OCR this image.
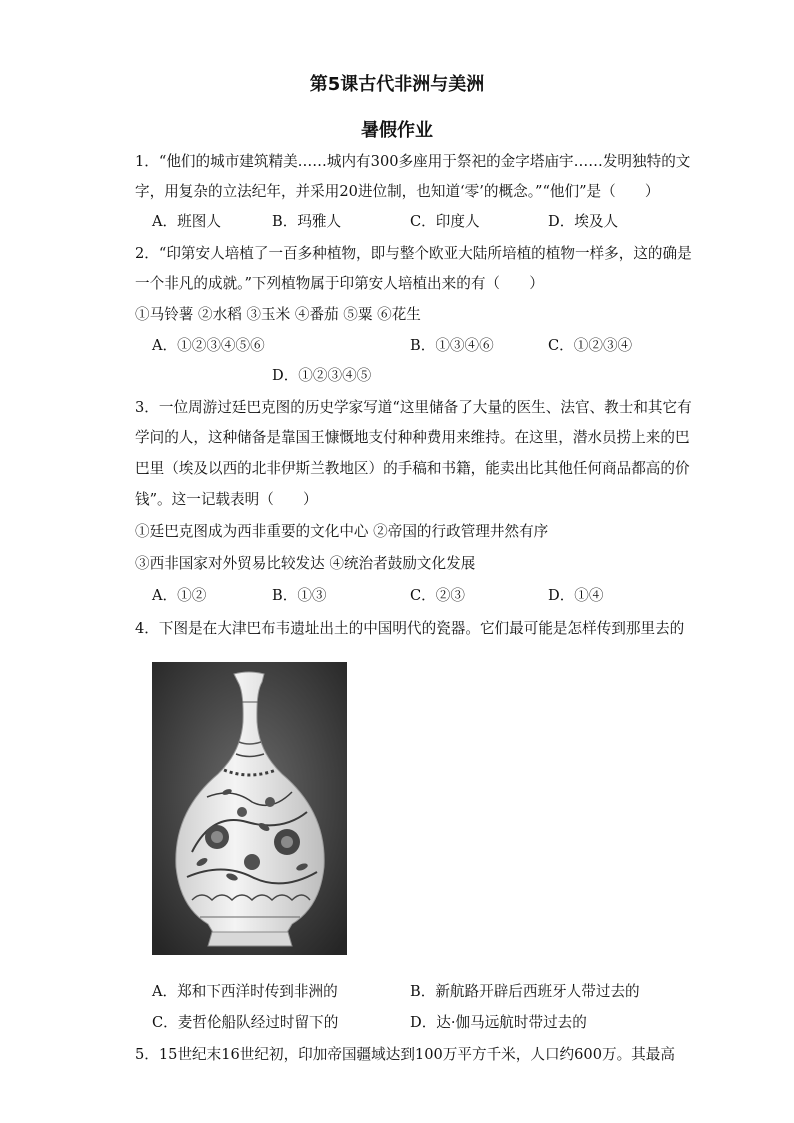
第5课古代非洲与美洲
暑假作业
1．“他们的城市建筑精美……城内有300多座用于祭祀的金字塔庙宇……发明独特的文
字，用复杂的立法纪年，并采用20进位制，也知道‘零’的概念。”“他们”是（　　）
A．班图人	B．玛雅人	C．印度人	D．埃及人
2．“印第安人培植了一百多种植物，即与整个欧亚大陆所培植的植物一样多，这的确是
一个非凡的成就。”下列植物属于印第安人培植出来的有（　　）
①马铃薯 ②水稻 ③玉米 ④番茄 ⑤粟 ⑥花生
A．①②③④⑤⑥	B．①③④⑥	C．①②③④
D．①②③④⑤
3．一位周游过廷巴克图的历史学家写道“这里储备了大量的医生、法官、教士和其它有
学问的人，这种储备是靠国王慷慨地支付种种费用来维持。在这里，潜水员捞上来的巴
巴里（埃及以西的北非伊斯兰教地区）的手稿和书籍，能卖出比其他任何商品都高的价
钱”。这一记载表明（　　）
①廷巴克图成为西非重要的文化中心 ②帝国的行政管理井然有序
③西非国家对外贸易比较发达 ④统治者鼓励文化发展
A．①②	B．①③	C．②③	D．①④
4．下图是在大津巴布韦遗址出土的中国明代的瓷器。它们最可能是怎样传到那里去的
A．郑和下西洋时传到非洲的	B．新航路开辟后西班牙人带过去的
C．麦哲伦船队经过时留下的	D．达·伽马远航时带过去的
5．15世纪末16世纪初，印加帝国疆域达到100万平方千米，人口约600万。其最高
